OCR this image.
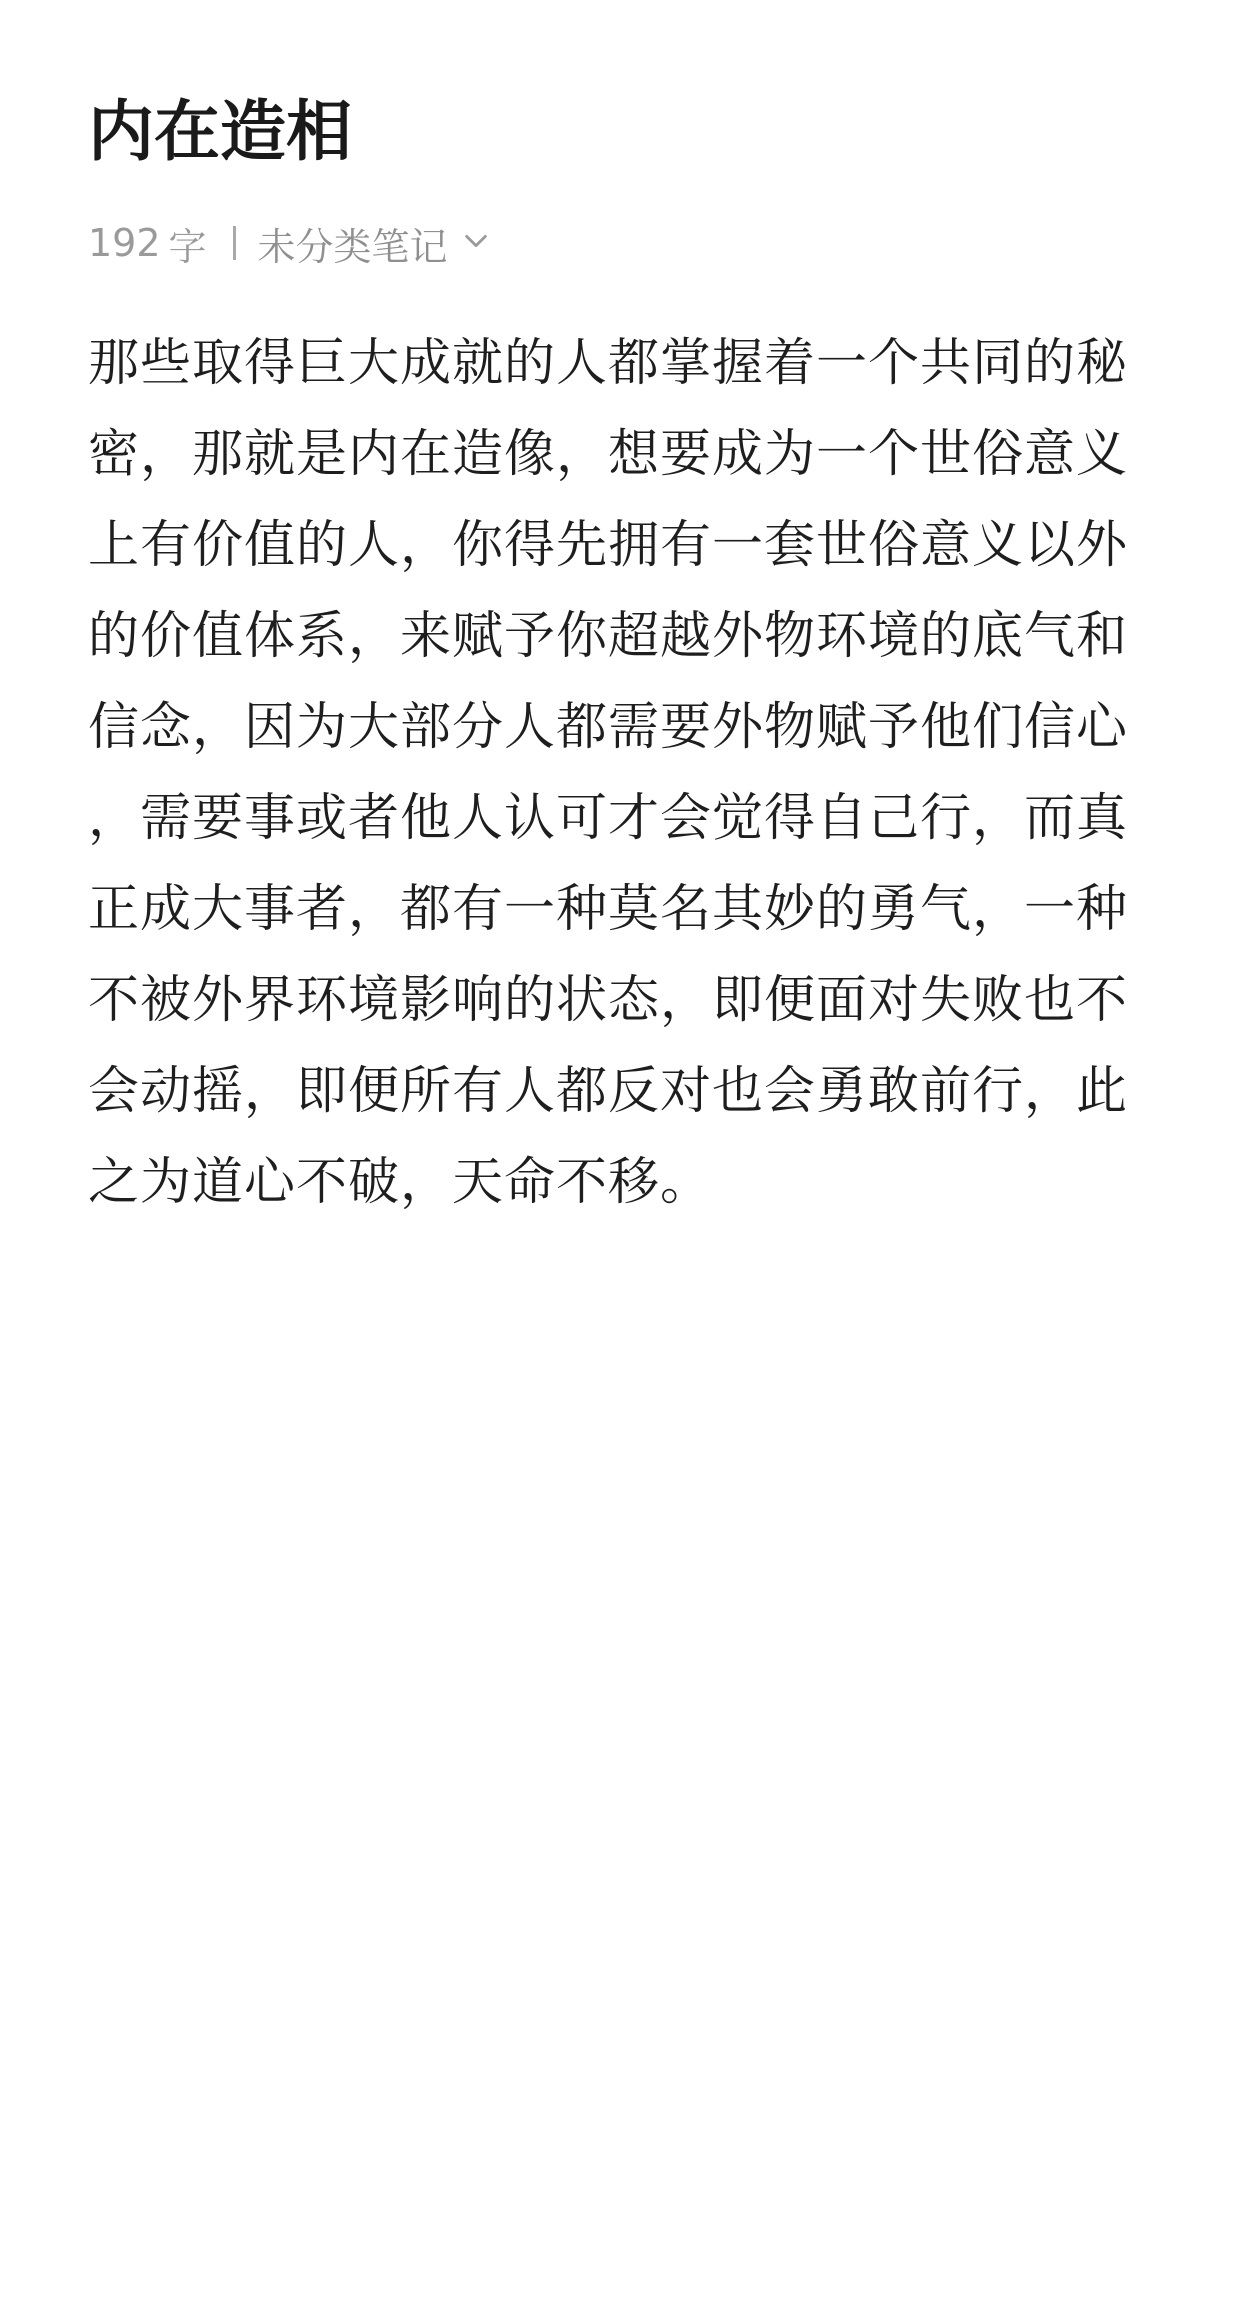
内在造相
192 字 未分类笔记

那些取得巨大成就的人都掌握着一个共同的秘密，那就是内在造像，想要成为一个世俗意义上有价值的人，你得先拥有一套世俗意义以外的价值体系，来赋予你超越外物环境的底气和信念，因为大部分人都需要外物赋予他们信心，需要事或者他人认可才会觉得自己行，而真正成大事者，都有一种莫名其妙的勇气，一种不被外界环境影响的状态，即便面对失败也不会动摇，即便所有人都反对也会勇敢前行，此之为道心不破，天命不移。
